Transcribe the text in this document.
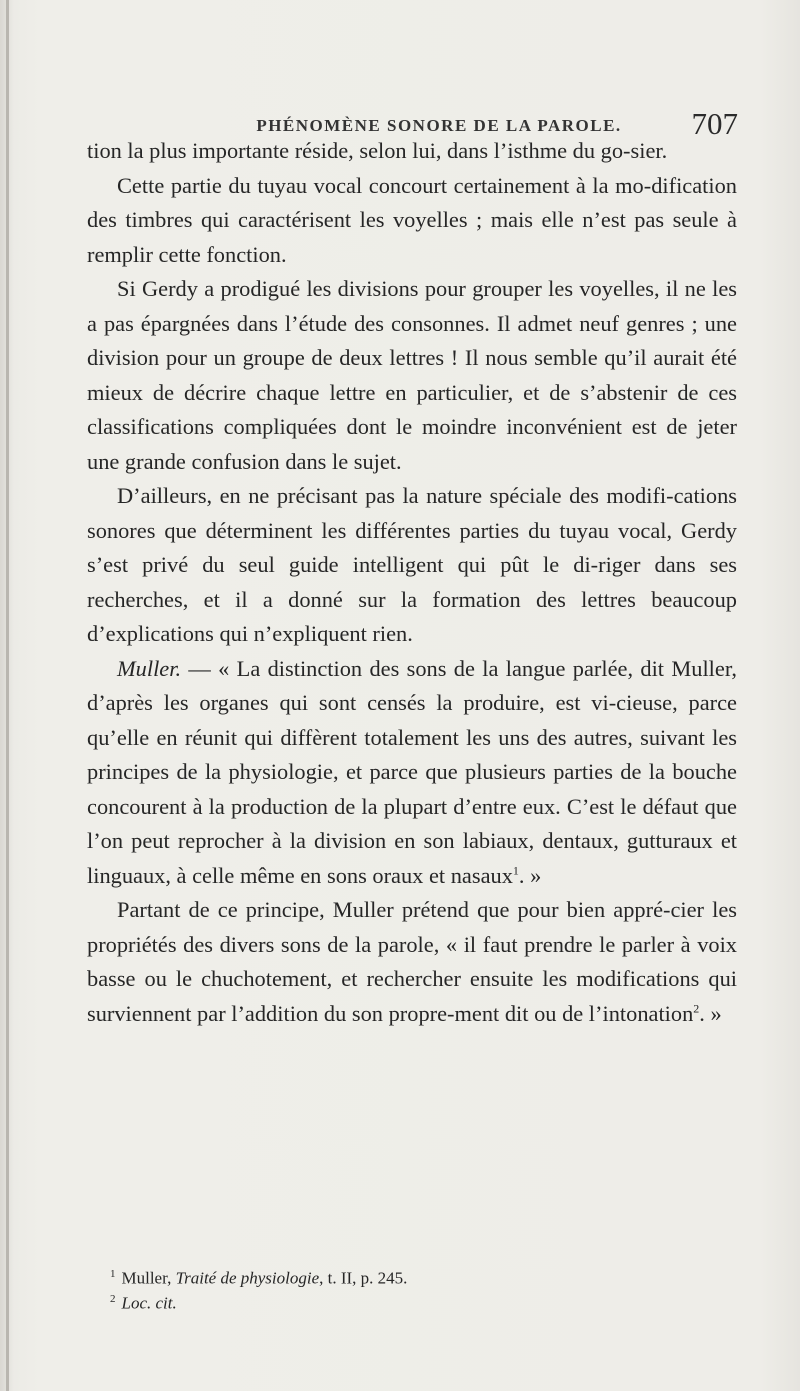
PHÉNOMÈNE SONORE DE LA PAROLE.	707

tion la plus importante réside, selon lui, dans l’isthme du go-sier.

Cette partie du tuyau vocal concourt certainement à la mo-dification des timbres qui caractérisent les voyelles ; mais elle n’est pas seule à remplir cette fonction.

Si Gerdy a prodigué les divisions pour grouper les voyelles, il ne les a pas épargnées dans l’étude des consonnes. Il admet neuf genres ; une division pour un groupe de deux lettres ! Il nous semble qu’il aurait été mieux de décrire chaque lettre en particulier, et de s’abstenir de ces classifications compliquées dont le moindre inconvénient est de jeter une grande confusion dans le sujet.

D’ailleurs, en ne précisant pas la nature spéciale des modifi-cations sonores que déterminent les différentes parties du tuyau vocal, Gerdy s’est privé du seul guide intelligent qui pût le di-riger dans ses recherches, et il a donné sur la formation des lettres beaucoup d’explications qui n’expliquent rien.

Muller. — « La distinction des sons de la langue parlée, dit Muller, d’après les organes qui sont censés la produire, est vi-cieuse, parce qu’elle en réunit qui diffèrent totalement les uns des autres, suivant les principes de la physiologie, et parce que plusieurs parties de la bouche concourent à la production de la plupart d’entre eux. C’est le défaut que l’on peut reprocher à la division en son labiaux, dentaux, gutturaux et linguaux, à celle même en sons oraux et nasaux$^1$. »

Partant de ce principe, Muller prétend que pour bien appré-cier les propriétés des divers sons de la parole, « il faut prendre le parler à voix basse ou le chuchotement, et rechercher ensuite les modifications qui surviennent par l’addition du son propre-ment dit ou de l’intonation$^2$. »

$^1$ Muller, Traité de physiologie, t. II, p. 245.
$^2$ Loc. cit.
